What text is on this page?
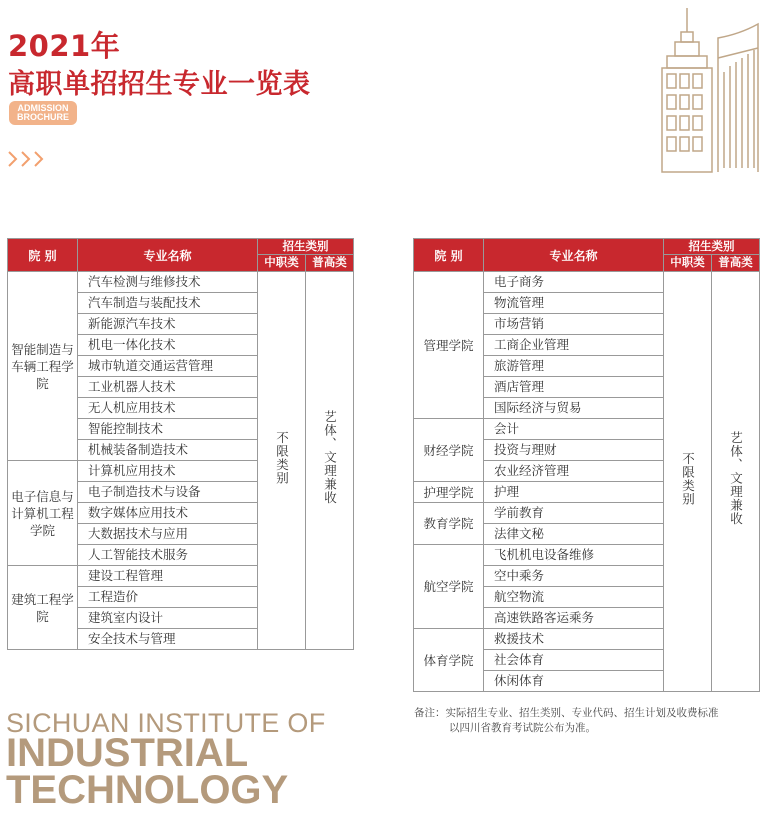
2021年
高职单招招生专业一览表
ADMISSION
BROCHURE
院 别	专业名称	招生类别	
		中职类	普高类
智能制造与车辆工程学院	汽车检测与维修技术	不限类别	艺体、文理兼收
	汽车制造与装配技术		
	新能源汽车技术		
	机电一体化技术		
	城市轨道交通运营管理		
	工业机器人技术		
	无人机应用技术		
	智能控制技术		
	机械装备制造技术		
电子信息与计算机工程学院	计算机应用技术		
	电子制造技术与设备		
	数字媒体应用技术		
	大数据技术与应用		
	人工智能技术服务		
建筑工程学院	建设工程管理		
	工程造价		
	建筑室内设计		
	安全技术与管理		
院 别	专业名称	招生类别	
		中职类	普高类
管理学院	电子商务	不限类别	艺体、文理兼收
	物流管理		
	市场营销		
	工商企业管理		
	旅游管理		
	酒店管理		
	国际经济与贸易		
财经学院	会计		
	投资与理财		
	农业经济管理		
护理学院	护理		
教育学院	学前教育		
	法律文秘		
航空学院	飞机机电设备维修		
	空中乘务		
	航空物流		
	高速铁路客运乘务		
体育学院	救援技术		
	社会体育		
	休闲体育		
备注：实际招生专业、招生类别、专业代码、招生计划及收费标准
以四川省教育考试院公布为准。
SICHUAN INSTITUTE OF
INDUSTRIAL
TECHNOLOGY
